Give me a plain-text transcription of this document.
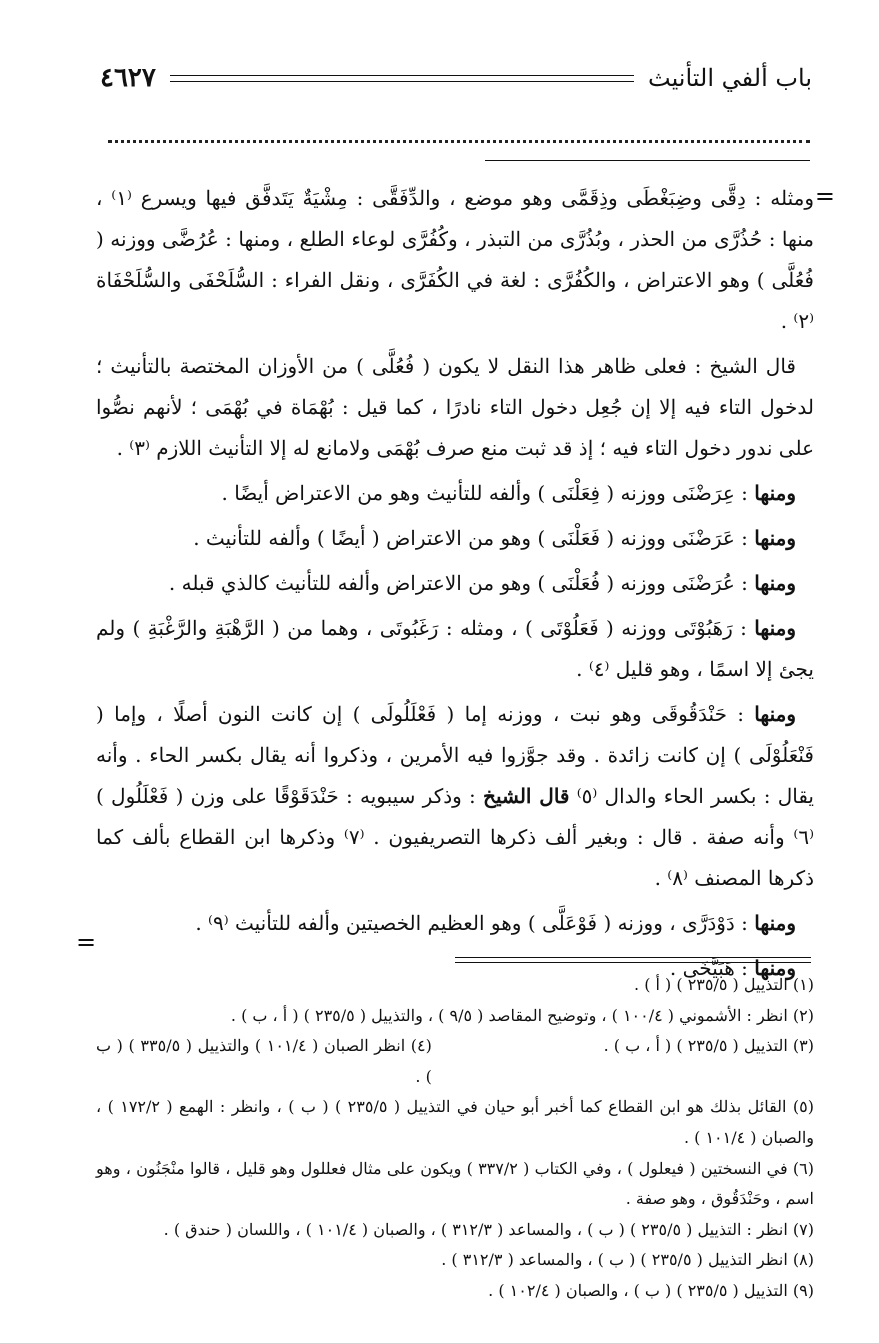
باب ألفي التأنيث
٤٦٢٧
=

ومثله : دِقَّى وضِبَغْطَى وذِقَمَّى وهو موضع ، والدِّفَقَّى : مِشْيَةٌ يَتَدفَّق فيها ويسرع ⁽١⁾ ، منها : حُذُرَّى من الحذر ، وبُذُرَّى من التبذر ، وكُفُرَّى لوعاء الطلع ، ومنها : عُرُضَّى ووزنه ( فُعُلَّى ) وهو الاعتراض ، والكُفُرَّى : لغة في الكُفَرَّى ، ونقل الفراء : السُّلَحْفَى والسُّلَحْفَاة ⁽٢⁾ .

قال الشيخ : فعلى ظاهر هذا النقل لا يكون ( فُعُلَّى ) من الأوزان المختصة بالتأنيث ؛ لدخول التاء فيه إلا إن جُعِل دخول التاء نادرًا ، كما قيل : بُهْمَاة في بُهْمَى ؛ لأنهم نصُّوا على ندور دخول التاء فيه ؛ إذ قد ثبت منع صرف بُهْمَى ولامانع له إلا التأنيث اللازم ⁽٣⁾ .

ومنها : عِرَضْنَى ووزنه ( فِعَلْنَى ) وألفه للتأنيث وهو من الاعتراض أيضًا .

ومنها : عَرَضْنَى ووزنه ( فَعَلْنَى ) وهو من الاعتراض ( أيضًا ) وألفه للتأنيث .

ومنها : عُرَضْنَى ووزنه ( فُعَلْنَى ) وهو من الاعتراض وألفه للتأنيث كالذي قبله .

ومنها : رَهَبُوْتَى ووزنه ( فَعَلُوْتَى ) ، ومثله : رَغَبُوتَى ، وهما من ( الرَّهْبَةِ والرَّغْبَةِ ) ولم يجئ إلا اسمًا ، وهو قليل ⁽٤⁾ .

ومنها : حَنْدَقُوقَى وهو نبت ، ووزنه إما ( فَعْلَلُولَى ) إن كانت النون أصلًا ، وإما ( فَنْعَلُوْلَى ) إن كانت زائدة . وقد جوَّزوا فيه الأمرين ، وذكروا أنه يقال بكسر الحاء . وأنه يقال : بكسر الحاء والدال ⁽٥⁾ قال الشيخ : وذكر سيبويه : حَنْدَقَوْقًا على وزن ( فَعْلَلُول ) ⁽٦⁾ وأنه صفة . قال : وبغير ألف ذكرها التصريفيون . ⁽٧⁾ وذكرها ابن القطاع بألف كما ذكرها المصنف ⁽٨⁾ .

ومنها : دَوْدَرَّى ، ووزنه ( فَوْعَلَّى ) وهو العظيم الخصيتين وألفه للتأنيث ⁽٩⁾ .

ومنها : هَبَيَّخَى .

=

(١) التذييل ( ٢٣٥/٥ ) ( أ ) .

(٢) انظر : الأشموني ( ١٠٠/٤ ) ، وتوضيح المقاصد ( ٩/٥ ) ، والتذييل ( ٢٣٥/٥ ) ( أ ، ب ) .

(٣) التذييل ( ٢٣٥/٥ ) ( أ ، ب ) .
(٤) انظر الصبان ( ١٠١/٤ ) والتذييل ( ٣٣٥/٥ ) ( ب ) .

(٥) القائل بذلك هو ابن القطاع كما أخبر أبو حيان في التذييل ( ٢٣٥/٥ ) ( ب ) ، وانظر : الهمع ( ١٧٢/٢ ) ، والصبان ( ١٠١/٤ ) .

(٦) في النسختين ( فيعلول ) ، وفي الكتاب ( ٣٣٧/٢ ) ويكون على مثال فعللول وهو قليل ، قالوا منْجَنُون ، وهو اسم ، وحَنْدَقُوق ، وهو صفة .

(٧) انظر : التذييل ( ٢٣٥/٥ ) ( ب ) ، والمساعد ( ٣١٢/٣ ) ، والصبان ( ١٠١/٤ ) ، واللسان ( حندق ) .

(٨) انظر التذييل ( ٢٣٥/٥ ) ( ب ) ، والمساعد ( ٣١٢/٣ ) .

(٩) التذييل ( ٢٣٥/٥ ) ( ب ) ، والصبان ( ١٠٢/٤ ) .
